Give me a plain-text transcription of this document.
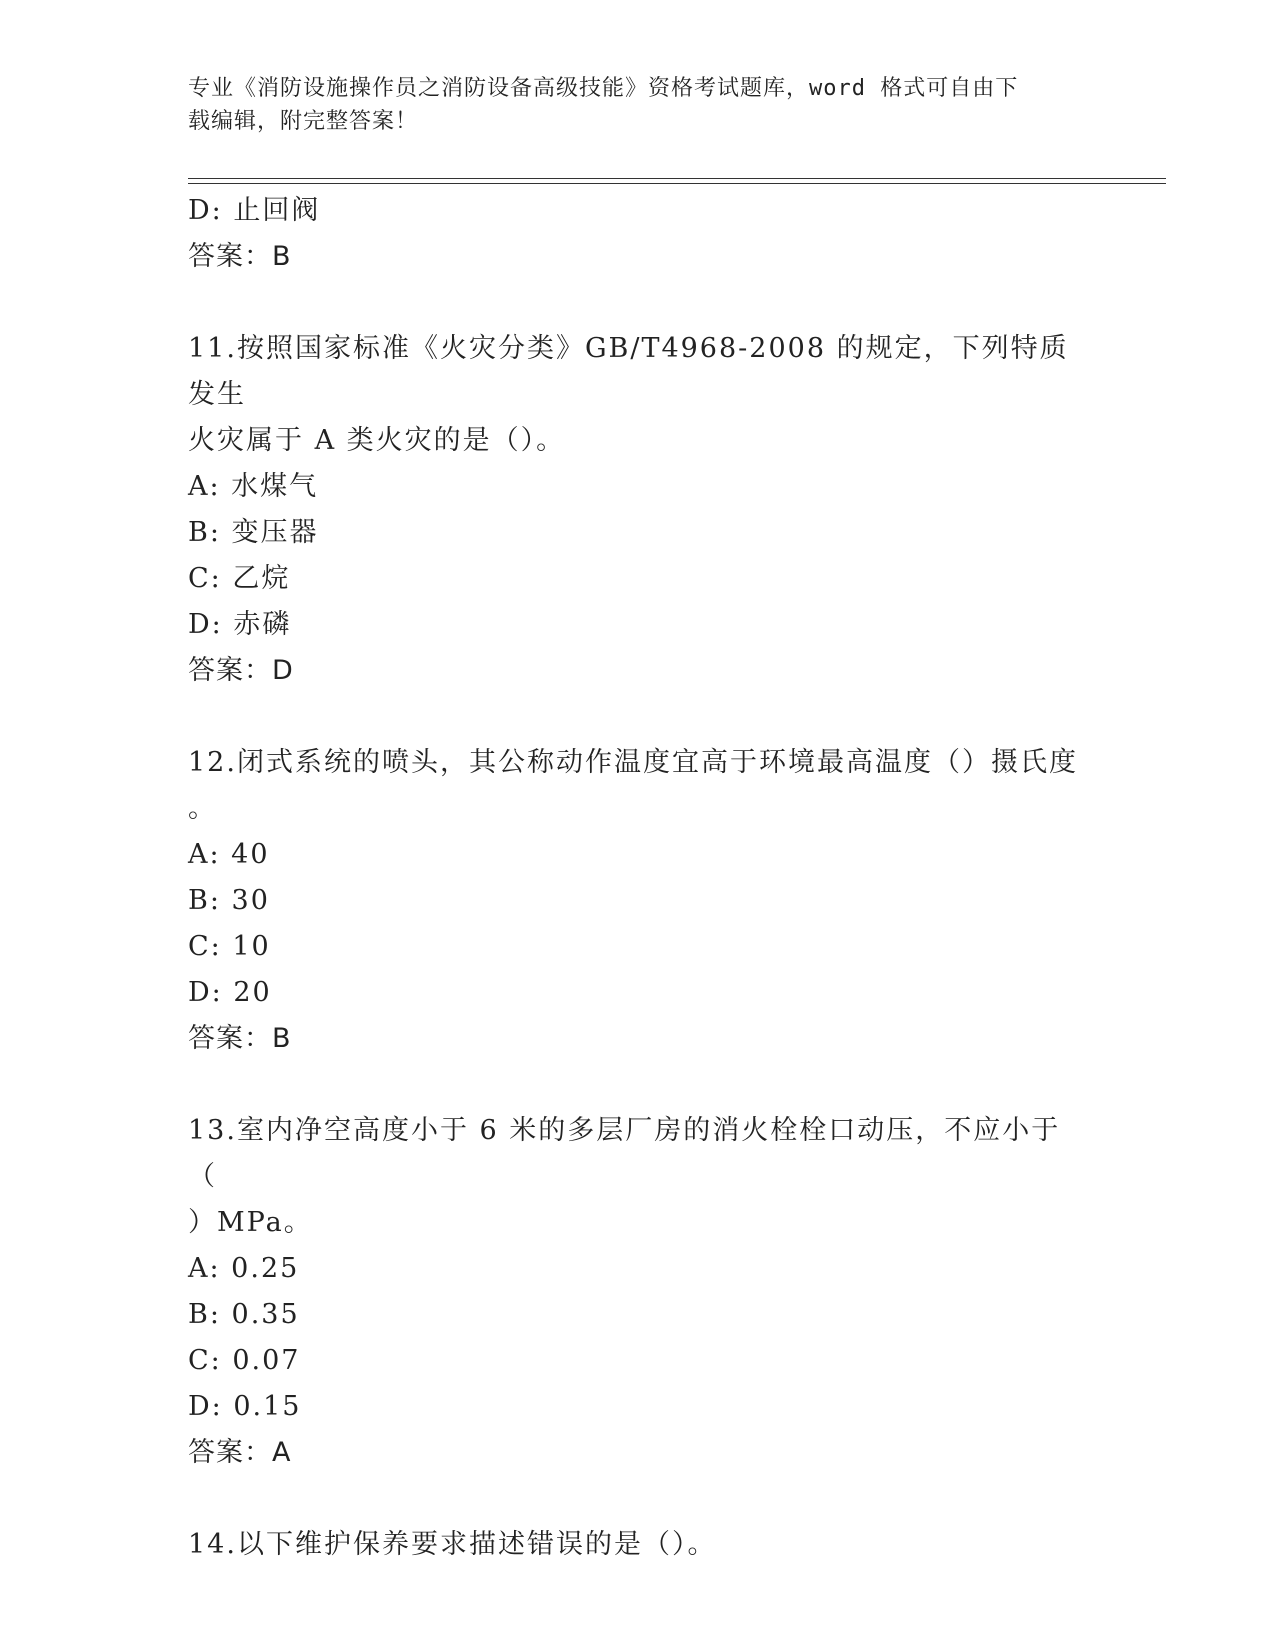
专业《消防设施操作员之消防设备高级技能》资格考试题库，word 格式可自由下
载编辑，附完整答案！
D: 止回阀
答案：B
11.按照国家标准《火灾分类》GB/T4968-2008 的规定，下列特质发生
火灾属于 A 类火灾的是（）。
A: 水煤气
B: 变压器
C: 乙烷
D: 赤磷
答案：D
12.闭式系统的喷头，其公称动作温度宜高于环境最高温度（）摄氏度
。
A: 40
B: 30
C: 10
D: 20
答案：B
13.室内净空高度小于 6 米的多层厂房的消火栓栓口动压，不应小于（
）MPa。
A: 0.25
B: 0.35
C: 0.07
D: 0.15
答案：A
14.以下维护保养要求描述错误的是（）。
